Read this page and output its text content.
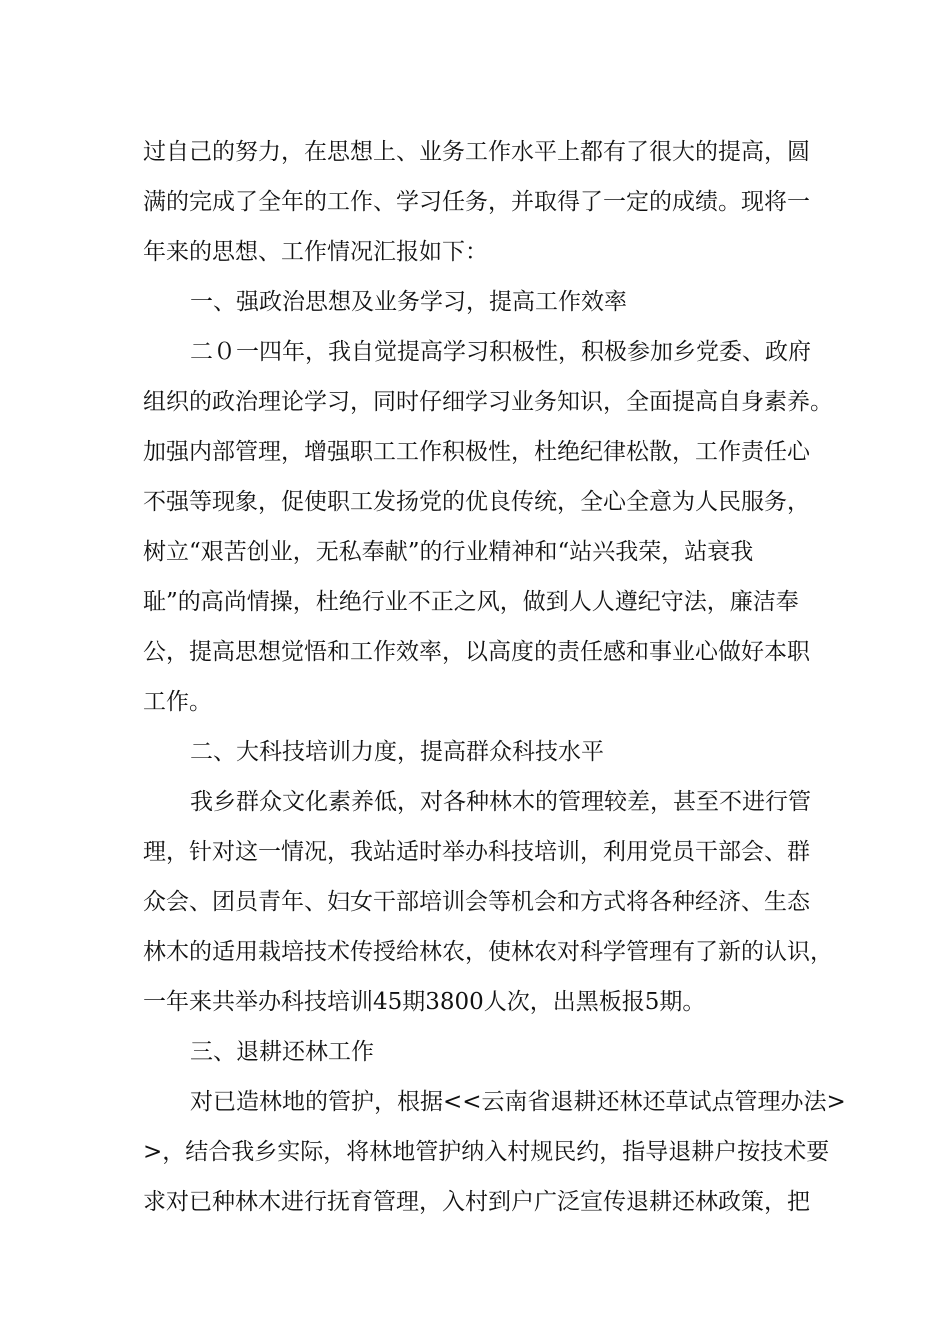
过自己的努力，在思想上、业务工作水平上都有了很大的提高，圆
满的完成了全年的工作、学习任务，并取得了一定的成绩。现将一
年来的思想、工作情况汇报如下：
一、强政治思想及业务学习，提高工作效率
二０一四年，我自觉提高学习积极性，积极参加乡党委、政府
组织的政治理论学习，同时仔细学习业务知识，全面提高自身素养。
加强内部管理，增强职工工作积极性，杜绝纪律松散，工作责任心
不强等现象，促使职工发扬党的优良传统，全心全意为人民服务，
树立“艰苦创业，无私奉献”的行业精神和“站兴我荣，站衰我
耻”的高尚情操，杜绝行业不正之风，做到人人遵纪守法，廉洁奉
公，提高思想觉悟和工作效率，以高度的责任感和事业心做好本职
工作。
二、大科技培训力度，提高群众科技水平
我乡群众文化素养低，对各种林木的管理较差，甚至不进行管
理，针对这一情况，我站适时举办科技培训，利用党员干部会、群
众会、团员青年、妇女干部培训会等机会和方式将各种经济、生态
林木的适用栽培技术传授给林农，使林农对科学管理有了新的认识，
一年来共举办科技培训45期3800人次，出黑板报5期。
三、退耕还林工作
对已造林地的管护，根据<<云南省退耕还林还草试点管理办法>
>，结合我乡实际，将林地管护纳入村规民约，指导退耕户按技术要
求对已种林木进行抚育管理，入村到户广泛宣传退耕还林政策，把
